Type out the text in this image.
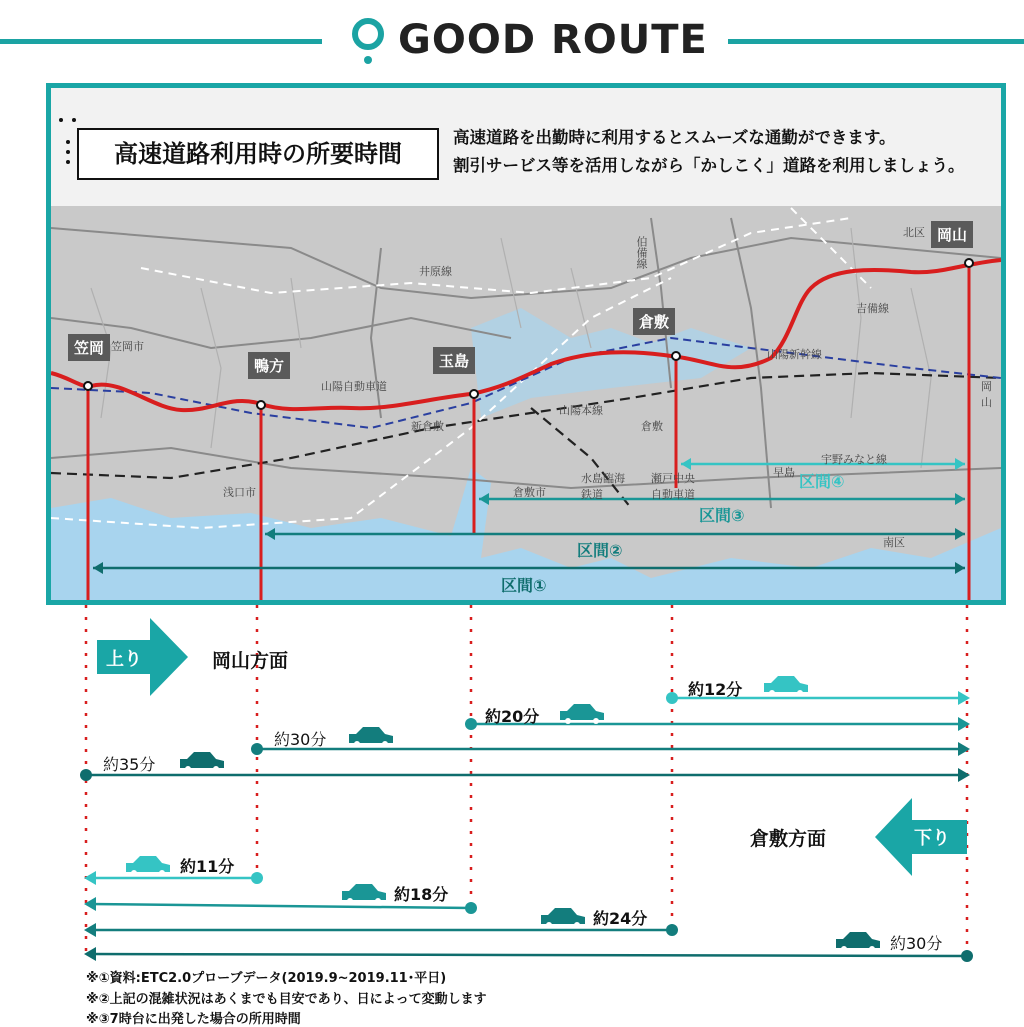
GOOD ROUTE
井原線
伯備線
北区
吉備線
山陽新幹線
笠岡市
山陽自動車道
新倉敷
山陽本線
倉敷
岡山
浅口市	倉敷市
水島臨海鉄道
瀬戸中央自動車道
宇野みなと線
早島
南区
笠岡
鴨方	玉島
倉敷
岡山
区間①
区間②
区間③
区間④
高速道路利用時の所要時間
高速道路を出勤時に利用するとスムーズな通勤ができます。
割引サービス等を活用しながら「かしこく」道路を利用しましょう。
上り	岡山方面
約12分
約20分
約30分
約35分
下り
倉敷方面
約11分
約18分
約24分
約30分
※①資料:ETC2.0プローブデータ(2019.9~2019.11･平日)
※②上記の混雑状況はあくまでも目安であり、日によって変動します
※③7時台に出発した場合の所用時間
